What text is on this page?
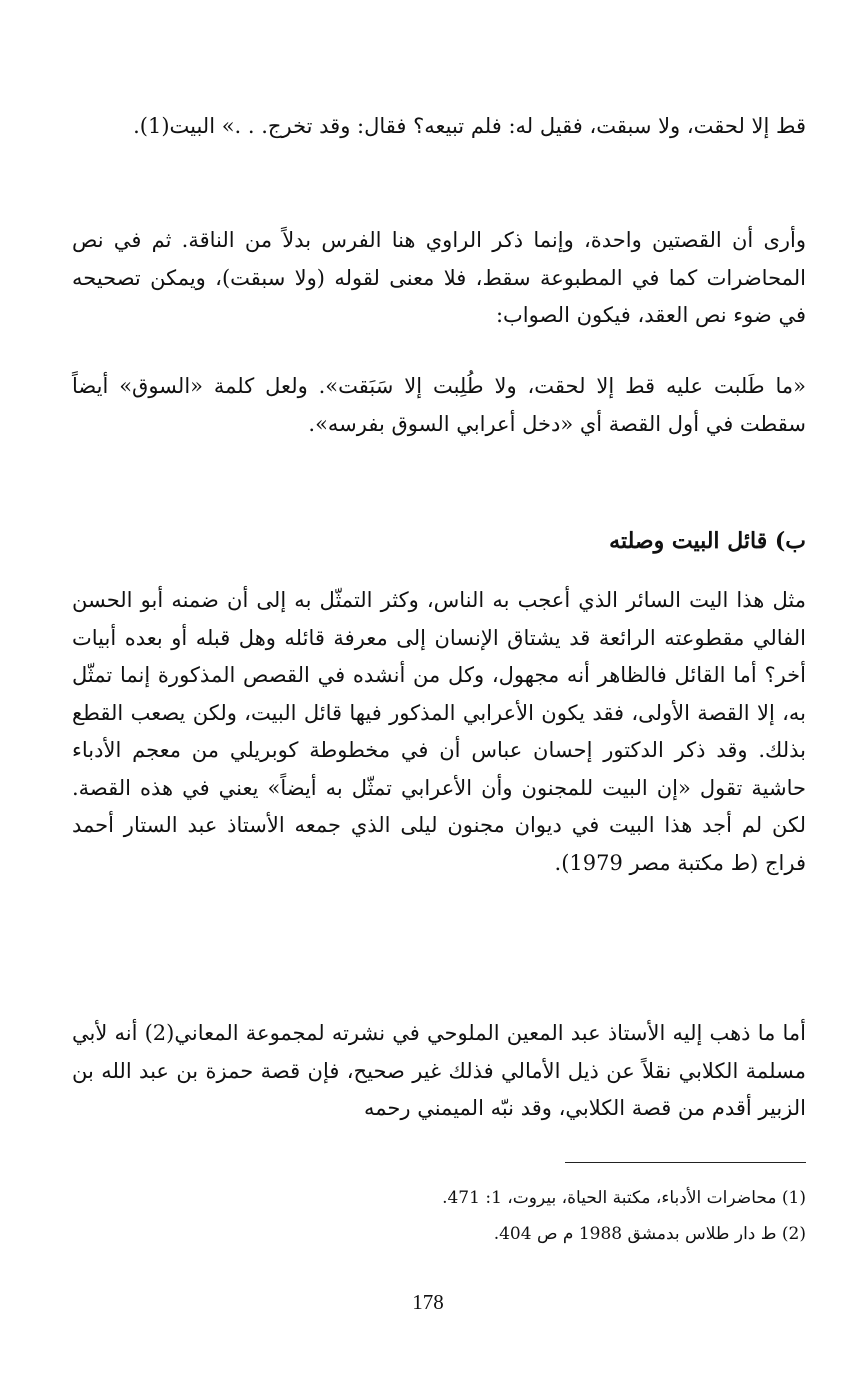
قط إلا لحقت، ولا سبقت، فقيل له: فلم تبيعه؟ فقال: وقد تخرج. . .» البيت(1).

وأرى أن القصتين واحدة، وإنما ذكر الراوي هنا الفرس بدلاً من الناقة. ثم في نص المحاضرات كما في المطبوعة سقط، فلا معنى لقوله (ولا سبقت)، ويمكن تصحيحه في ضوء نص العقد، فيكون الصواب:

«ما طَلبت عليه قط إلا لحقت، ولا طُلِبت إلا سَبَقت». ولعل كلمة «السوق» أيضاً سقطت في أول القصة أي «دخل أعرابي السوق بفرسه».

ب) قائل البيت وصلته

مثل هذا اليت السائر الذي أعجب به الناس، وكثر التمثّل به إلى أن ضمنه أبو الحسن الفالي مقطوعته الرائعة قد يشتاق الإنسان إلى معرفة قائله وهل قبله أو بعده أبيات أخر؟ أما القائل فالظاهر أنه مجهول، وكل من أنشده في القصص المذكورة إنما تمثّل به، إلا القصة الأولى، فقد يكون الأعرابي المذكور فيها قائل البيت، ولكن يصعب القطع بذلك. وقد ذكر الدكتور إحسان عباس أن في مخطوطة كوبريلي من معجم الأدباء حاشية تقول «إن البيت للمجنون وأن الأعرابي تمثّل به أيضاً» يعني في هذه القصة. لكن لم أجد هذا البيت في ديوان مجنون ليلى الذي جمعه الأستاذ عبد الستار أحمد فراج (ط مكتبة مصر 1979).

أما ما ذهب إليه الأستاذ عبد المعين الملوحي في نشرته لمجموعة المعاني(2) أنه لأبي مسلمة الكلابي نقلاً عن ذيل الأمالي فذلك غير صحيح، فإن قصة حمزة بن عبد الله بن الزبير أقدم من قصة الكلابي، وقد نبّه الميمني رحمه

(1) محاضرات الأدباء، مكتبة الحياة، بيروت، 1: 471.

(2) ط دار طلاس بدمشق 1988 م ص 404.

178
